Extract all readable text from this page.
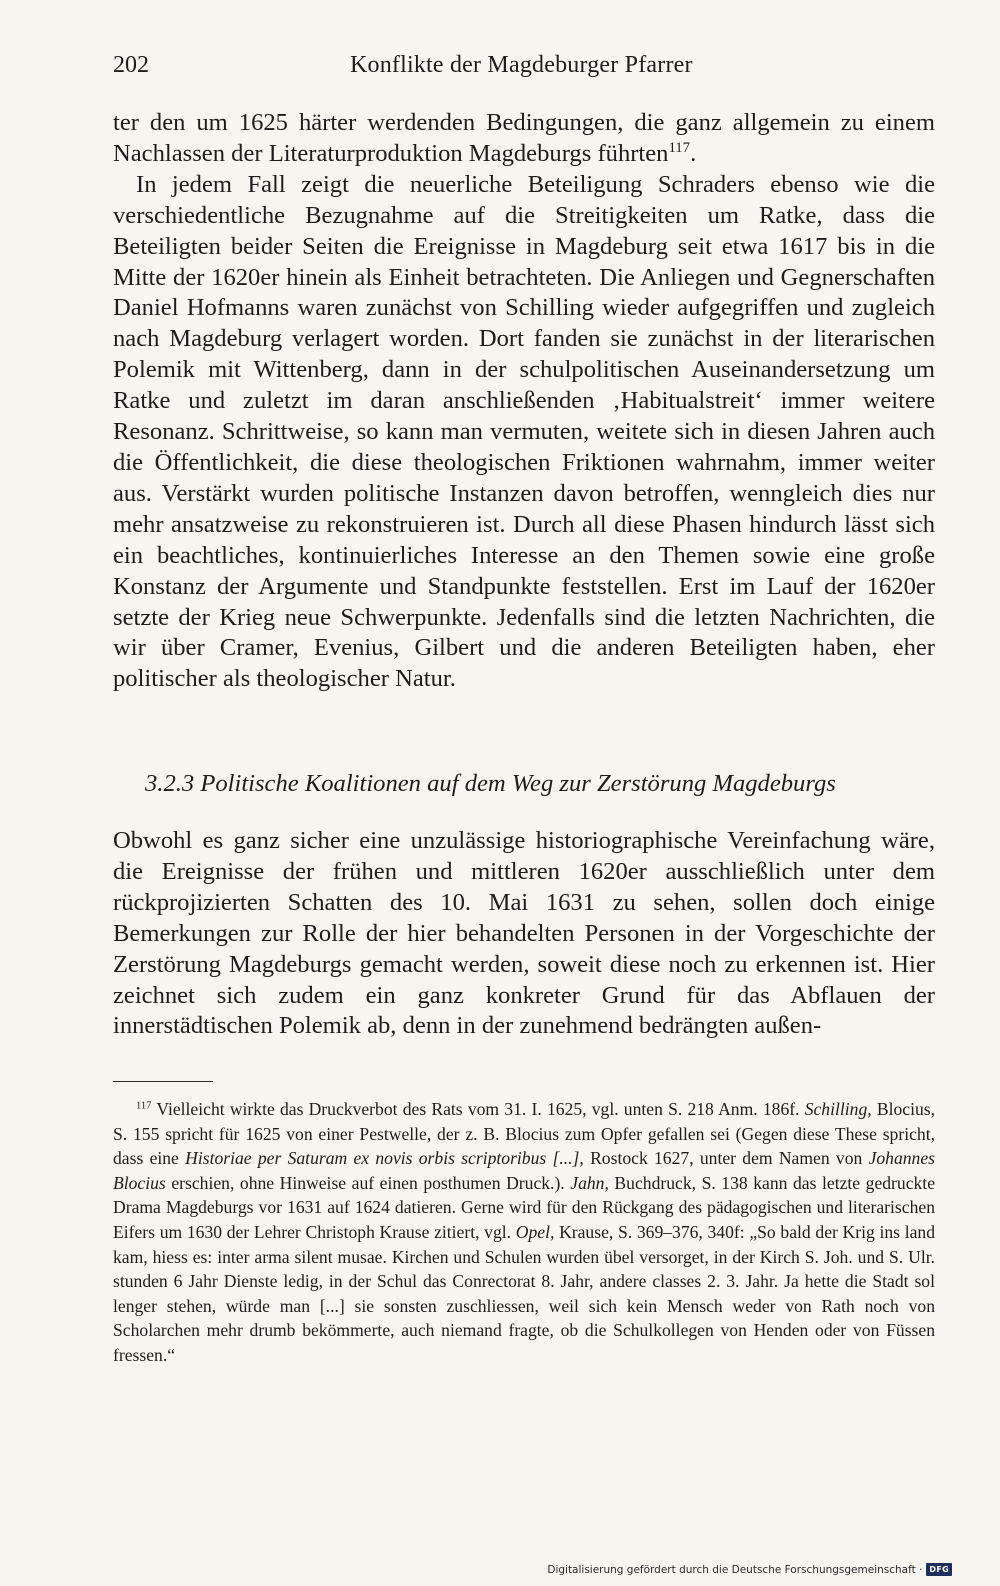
202	Konflikte der Magdeburger Pfarrer

ter den um 1625 härter werdenden Bedingungen, die ganz allgemein zu einem Nachlassen der Literaturproduktion Magdeburgs führten$^{117}$.

In jedem Fall zeigt die neuerliche Beteiligung Schraders ebenso wie die verschiedentliche Bezugnahme auf die Streitigkeiten um Ratke, dass die Beteiligten beider Seiten die Ereignisse in Magdeburg seit etwa 1617 bis in die Mitte der 1620er hinein als Einheit betrachteten. Die Anliegen und Gegnerschaften Daniel Hofmanns waren zunächst von Schilling wieder aufgegriffen und zugleich nach Magdeburg verlagert worden. Dort fanden sie zunächst in der literarischen Polemik mit Wittenberg, dann in der schulpolitischen Auseinandersetzung um Ratke und zuletzt im daran anschließenden ‚Habitualstreit‘ immer weitere Resonanz. Schrittweise, so kann man vermuten, weitete sich in diesen Jahren auch die Öffentlichkeit, die diese theologischen Friktionen wahrnahm, immer weiter aus. Verstärkt wurden politische Instanzen davon betroffen, wenngleich dies nur mehr ansatzweise zu rekonstruieren ist. Durch all diese Phasen hindurch lässt sich ein beachtliches, kontinuierliches Interesse an den Themen sowie eine große Konstanz der Argumente und Standpunkte feststellen. Erst im Lauf der 1620er setzte der Krieg neue Schwerpunkte. Jedenfalls sind die letzten Nachrichten, die wir über Cramer, Evenius, Gilbert und die anderen Beteiligten haben, eher politischer als theologischer Natur.

3.2.3 Politische Koalitionen auf dem Weg zur Zerstörung Magdeburgs

Obwohl es ganz sicher eine unzulässige historiographische Vereinfachung wäre, die Ereignisse der frühen und mittleren 1620er ausschließlich unter dem rückprojizierten Schatten des 10. Mai 1631 zu sehen, sollen doch einige Bemerkungen zur Rolle der hier behandelten Personen in der Vorgeschichte der Zerstörung Magdeburgs gemacht werden, soweit diese noch zu erkennen ist. Hier zeichnet sich zudem ein ganz konkreter Grund für das Abflauen der innerstädtischen Polemik ab, denn in der zunehmend bedrängten außen-

$^{117}$ Vielleicht wirkte das Druckverbot des Rats vom 31. I. 1625, vgl. unten S. 218 Anm. 186f. Schilling, Blocius, S. 155 spricht für 1625 von einer Pestwelle, der z. B. Blocius zum Opfer gefallen sei (Gegen diese These spricht, dass eine Historiae per Saturam ex novis orbis scriptoribus [...], Rostock 1627, unter dem Namen von Johannes Blocius erschien, ohne Hinweise auf einen posthumen Druck.). Jahn, Buchdruck, S. 138 kann das letzte gedruckte Drama Magdeburgs vor 1631 auf 1624 datieren. Gerne wird für den Rückgang des pädagogischen und literarischen Eifers um 1630 der Lehrer Christoph Krause zitiert, vgl. Opel, Krause, S. 369–376, 340f: „So bald der Krig ins land kam, hiess es: inter arma silent musae. Kirchen und Schulen wurden übel versorget, in der Kirch S. Joh. und S. Ulr. stunden 6 Jahr Dienste ledig, in der Schul das Conrectorat 8. Jahr, andere classes 2. 3. Jahr. Ja hette die Stadt sol lenger stehen, würde man [...] sie sonsten zuschliessen, weil sich kein Mensch weder von Rath noch von Scholarchen mehr drumb bekömmerte, auch niemand fragte, ob die Schulkollegen von Henden oder von Füssen fressen.“

Digitalisierung gefördert durch die Deutsche Forschungsgemeinschaft · DFG
